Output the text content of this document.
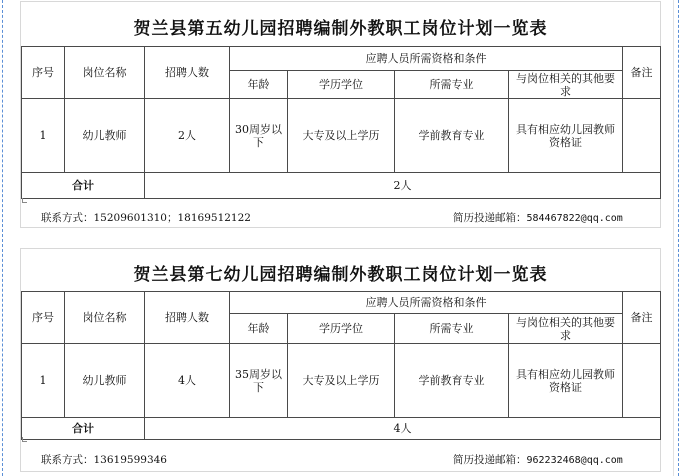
贺兰县第五幼儿园招聘编制外教职工岗位计划一览表
序号	岗位名称	招聘人数	应聘人员所需资格和条件				备注
			年龄	学历学位	所需专业	与岗位相关的其他要求	
1	幼儿教师	2人	30周岁以下	大专及以上学历	学前教育专业	具有相应幼儿园教师资格证	
合计		2人					
联系方式：15209601310；18169512122	简历投递邮箱：584467822@qq.com
贺兰县第七幼儿园招聘编制外教职工岗位计划一览表
序号	岗位名称	招聘人数	应聘人员所需资格和条件				备注
			年龄	学历学位	所需专业	与岗位相关的其他要求	
1	幼儿教师	4人	35周岁以下	大专及以上学历	学前教育专业	具有相应幼儿园教师资格证	
合计		4人					
联系方式：13619599346	简历投递邮箱：962232468@qq.com
